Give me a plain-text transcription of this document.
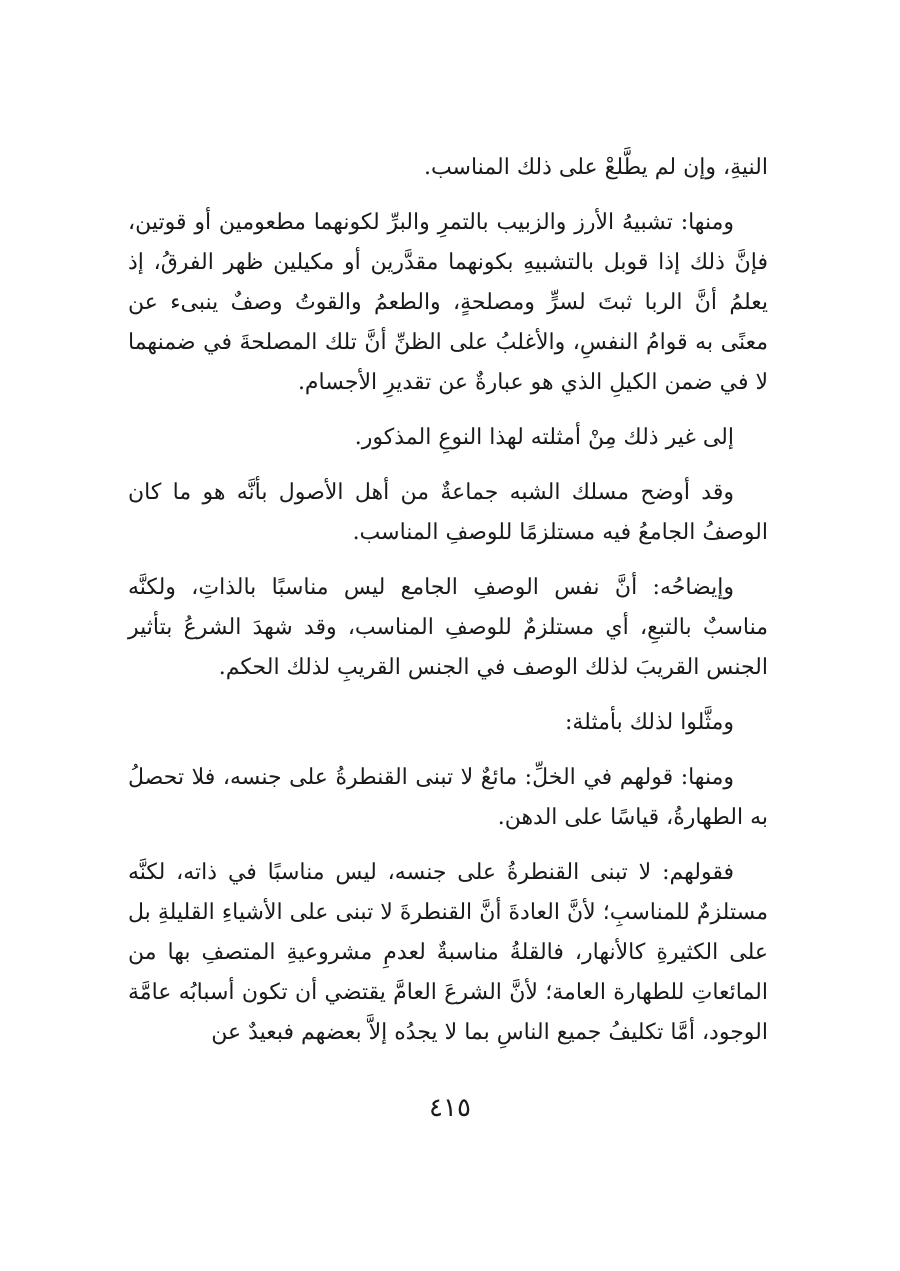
النيةِ، وإن لم يطَّلعْ على ذلك المناسب.

ومنها: تشبيهُ الأرز والزبيب بالتمرِ والبرِّ لكونهما مطعومين أو قوتين، فإنَّ ذلك إذا قوبل بالتشبيهِ بكونهما مقدَّرين أو مكيلين ظهر الفرقُ، إذ يعلمُ أنَّ الربا ثبتَ لسرٍّ ومصلحةٍ، والطعمُ والقوتُ وصفٌ ينبىء عن معنًى به قوامُ النفسِ، والأغلبُ على الظنِّ أنَّ تلك المصلحةَ في ضمنهما لا في ضمن الكيلِ الذي هو عبارةٌ عن تقديرِ الأجسام.

إلى غير ذلك مِنْ أمثلته لهذا النوعِ المذكور.

وقد أوضح مسلك الشبه جماعةٌ من أهل الأصول بأنَّه هو ما كان الوصفُ الجامعُ فيه مستلزمًا للوصفِ المناسب.

وإيضاحُه: أنَّ نفس الوصفِ الجامع ليس مناسبًا بالذاتِ، ولكنَّه مناسبٌ بالتبعِ، أي مستلزمٌ للوصفِ المناسب، وقد شهدَ الشرعُ بتأثير الجنس القريبَ لذلك الوصف في الجنس القريبِ لذلك الحكم.

ومثَّلوا لذلك بأمثلة:

ومنها: قولهم في الخلِّ: مائعٌ لا تبنى القنطرةُ على جنسه، فلا تحصلُ به الطهارةُ، قياسًا على الدهن.

فقولهم: لا تبنى القنطرةُ على جنسه، ليس مناسبًا في ذاته، لكنَّه مستلزمٌ للمناسبِ؛ لأنَّ العادةَ أنَّ القنطرةَ لا تبنى على الأشياءِ القليلةِ بل على الكثيرةِ كالأنهار، فالقلةُ مناسبةٌ لعدمِ مشروعيةِ المتصفِ بها من المائعاتِ للطهارة العامة؛ لأنَّ الشرعَ العامَّ يقتضي أن تكون أسبابُه عامَّة الوجود، أمَّا تكليفُ جميع الناسِ بما لا يجدُه إلاَّ بعضهم فبعيدٌ عن

٤١٥
